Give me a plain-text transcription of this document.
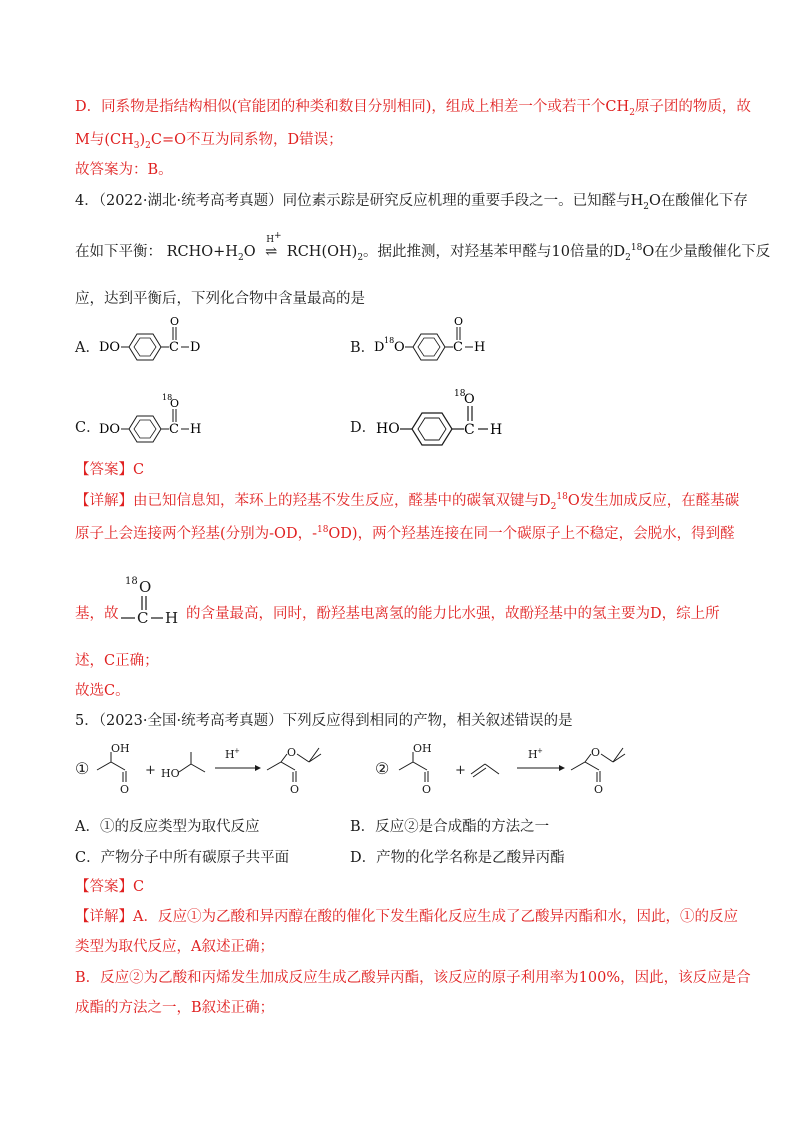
D．同系物是指结构相似(官能团的种类和数目分别相同)，组成上相差一个或若干个$CH_2$原子团的物质，故
M与$(CH_3)_2C=O$不互为同系物，D错误；
故答案为：B。
4．（2022·湖北·统考高考真题）同位素示踪是研究反应机理的重要手段之一。已知醛与$H_2O$在酸催化下存
在如下平衡： $RCHO+H_2O$
H+
⇌ $RCH(OH)_2$。据此推测，对羟基苯甲醛与10倍量的$D_2^{18}O$在少量酸催化下反
应，达到平衡后，下列化合物中含量最高的是
A． DO	C
O
D	B．
D 18 O	C
O
H
C．
DO	C
18
O
H	D． HO	C
18
O
H
【答案】C
【详解】由已知信息知，苯环上的羟基不发生反应，醛基中的碳氧双键与$D_2^{18}O$发生加成反应，在醛基碳
原子上会连接两个羟基(分别为-OD，-$^{18}$OD)，两个羟基连接在同一个碳原子上不稳定，会脱水，得到醛
基，故
18 O
C H 的含量最高，同时，酚羟基电离氢的能力比水强，故酚羟基中的氢主要为D，综上所
述，C正确；
故选C。
5．（2023·全国·统考高考真题）下列反应得到相同的产物，相关叙述错误的是
①
OH
O
+ HO
H +
O
O
②
OH
O
+
H +
O
O
A．①的反应类型为取代反应	B．反应②是合成酯的方法之一
C．产物分子中所有碳原子共平面	D．产物的化学名称是乙酸异丙酯
【答案】C
【详解】A．反应①为乙酸和异丙醇在酸的催化下发生酯化反应生成了乙酸异丙酯和水，因此，①的反应
类型为取代反应，A叙述正确；
B．反应②为乙酸和丙烯发生加成反应生成乙酸异丙酯，该反应的原子利用率为100%，因此，该反应是合
成酯的方法之一，B叙述正确；
